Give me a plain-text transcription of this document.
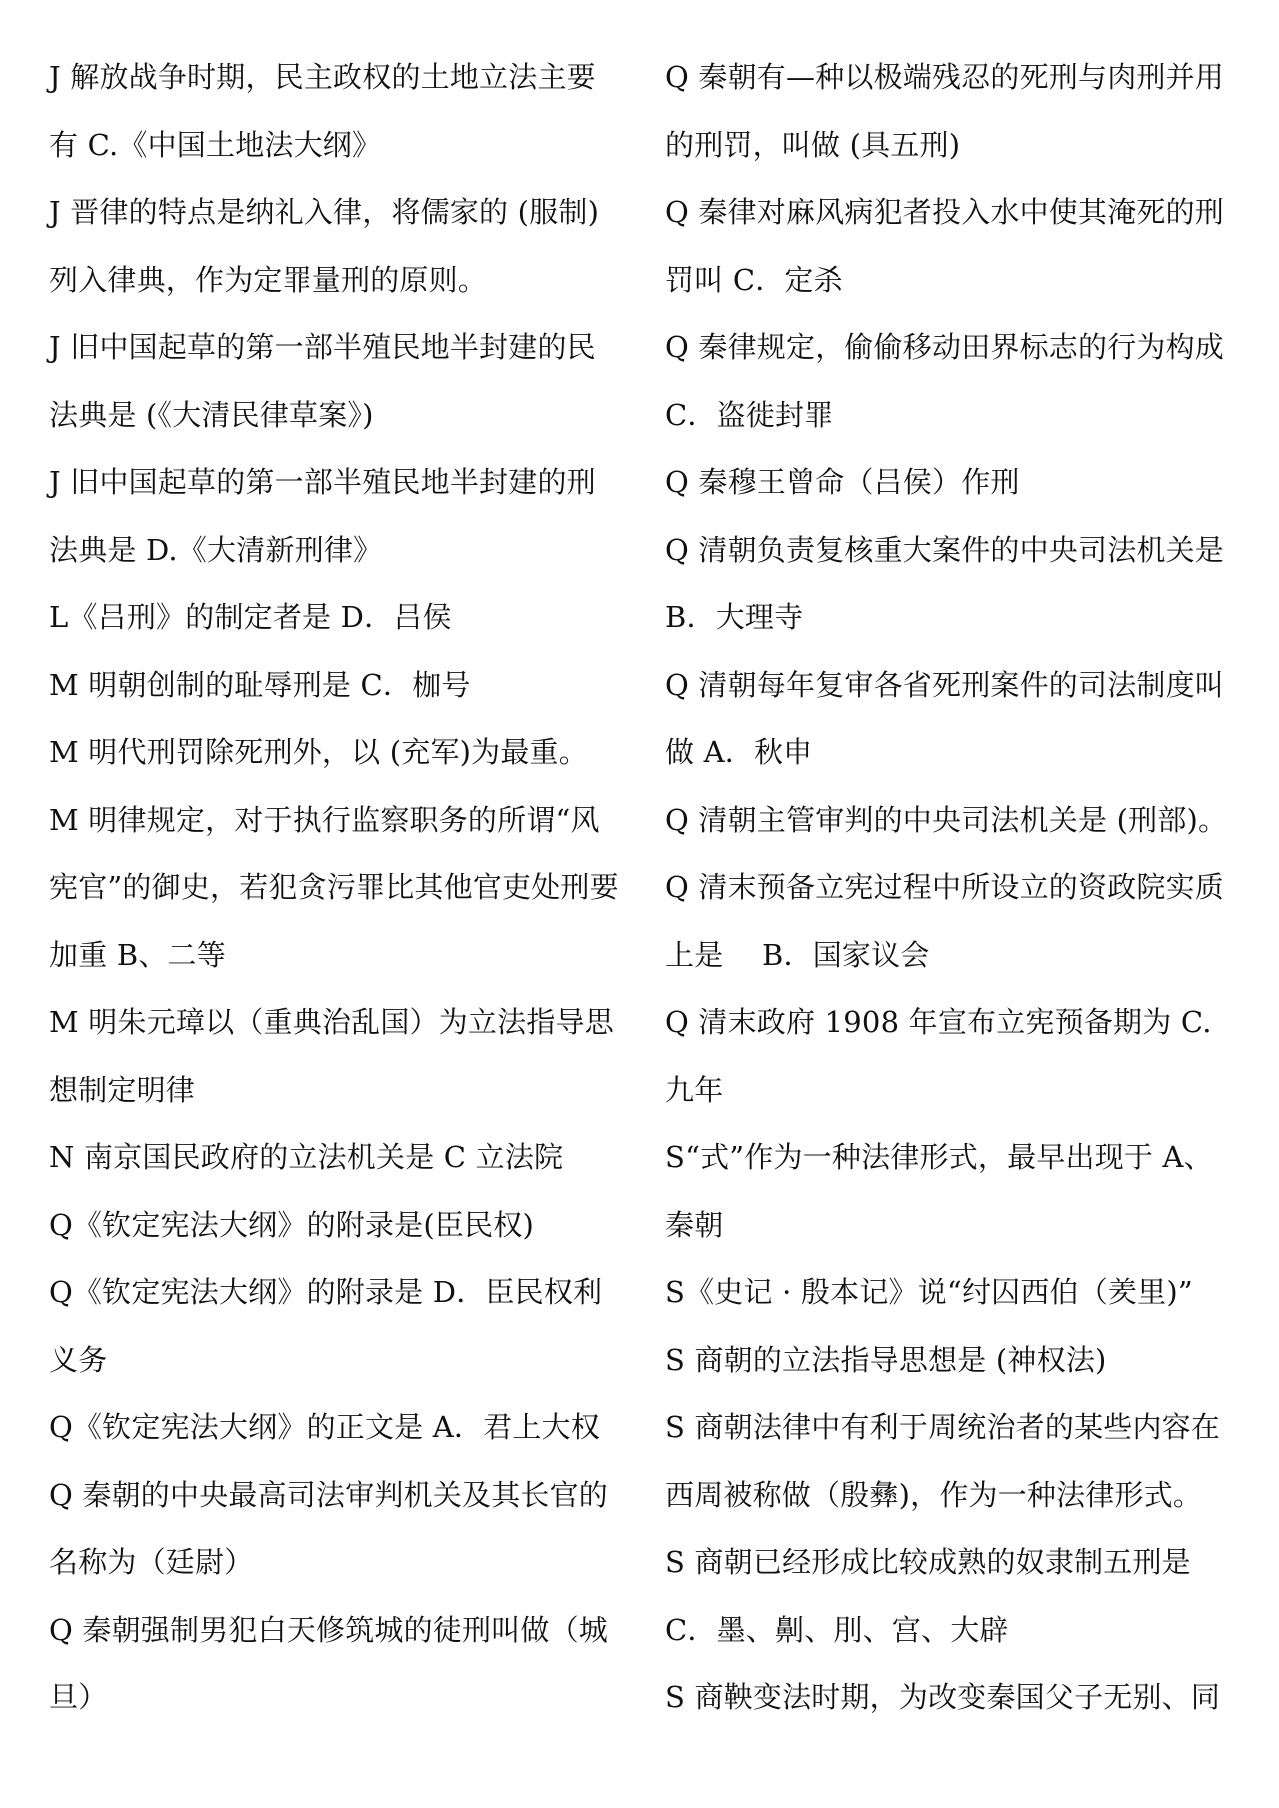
J 解放战争时期，民主政权的土地立法主要有 C.《中国土地法大纲》
J 晋律的特点是纳礼入律，将儒家的 (服制) 列入律典，作为定罪量刑的原则。
J 旧中国起草的第一部半殖民地半封建的民法典是 (《大清民律草案》)
J 旧中国起草的第一部半殖民地半封建的刑法典是 D.《大清新刑律》
L《吕刑》的制定者是 D．吕侯
M 明朝创制的耻辱刑是 C．枷号
M 明代刑罚除死刑外，以 (充军)为最重。
M 明律规定，对于执行监察职务的所谓“风宪官”的御史，若犯贪污罪比其他官吏处刑要加重 B、二等
M 明朱元璋以（重典治乱国）为立法指导思想制定明律
N 南京国民政府的立法机关是 C 立法院
Q《钦定宪法大纲》的附录是(臣民权)
Q《钦定宪法大纲》的附录是 D．臣民权利义务
Q《钦定宪法大纲》的正文是 A．君上大权
Q 秦朝的中央最高司法审判机关及其长官的名称为（廷尉）
Q 秦朝强制男犯白天修筑城的徒刑叫做（城旦）
Q 秦朝有—种以极端残忍的死刑与肉刑并用的刑罚，叫做 (具五刑)
Q 秦律对麻风病犯者投入水中使其淹死的刑罚叫 C．定杀
Q 秦律规定，偷偷移动田界标志的行为构成 C．盗徙封罪
Q 秦穆王曾命（吕侯）作刑
Q 清朝负责复核重大案件的中央司法机关是 B．大理寺
Q 清朝每年复审各省死刑案件的司法制度叫做 A．秋申
Q 清朝主管审判的中央司法机关是 (刑部)。
Q 清末预备立宪过程中所设立的资政院实质上是　 B．国家议会
Q 清末政府 1908 年宣布立宪预备期为 C. 九年
S“式”作为一种法律形式，最早出现于 A、秦朝
S《史记 · 殷本记》说“纣囚西伯（羑里)”
S 商朝的立法指导思想是 (神权法)
S 商朝法律中有利于周统治者的某些内容在西周被称做（殷彝)，作为一种法律形式。
S 商朝已经形成比较成熟的奴隶制五刑是 C．墨、劓、刖、宫、大辟
S 商鞅变法时期，为改变秦国父子无别、同
